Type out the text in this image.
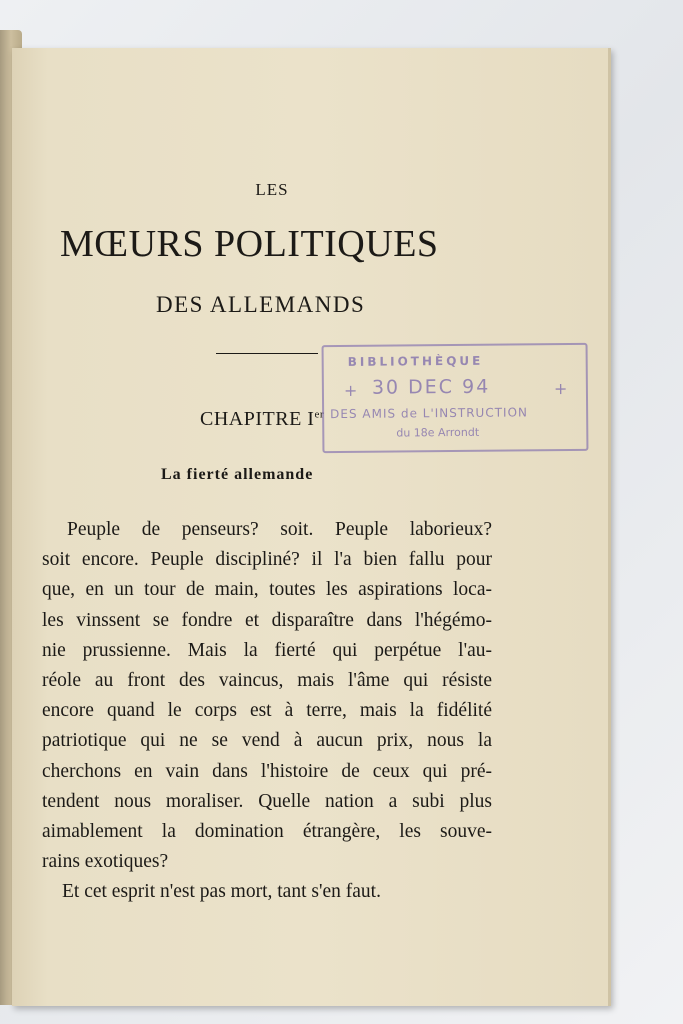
LES
MŒURS POLITIQUES
DES ALLEMANDS
CHAPITRE Ier
La fierté allemande
BIBLIOTHÈQUE
+ 30 DEC 94	+
DES AMIS de L'INSTRUCTION
du 18e Arrondt
Peuple de penseurs? soit. Peuple laborieux?
soit encore. Peuple discipliné? il l'a bien fallu pour
que, en un tour de main, toutes les aspirations loca-
les vinssent se fondre et disparaître dans l'hégémo-
nie prussienne. Mais la fierté qui perpétue l'au-
réole au front des vaincus, mais l'âme qui résiste
encore quand le corps est à terre, mais la fidélité
patriotique qui ne se vend à aucun prix, nous la
cherchons en vain dans l'histoire de ceux qui pré-
tendent nous moraliser. Quelle nation a subi plus
aimablement la domination étrangère, les souve-
rains exotiques?
Et cet esprit n'est pas mort, tant s'en faut.
